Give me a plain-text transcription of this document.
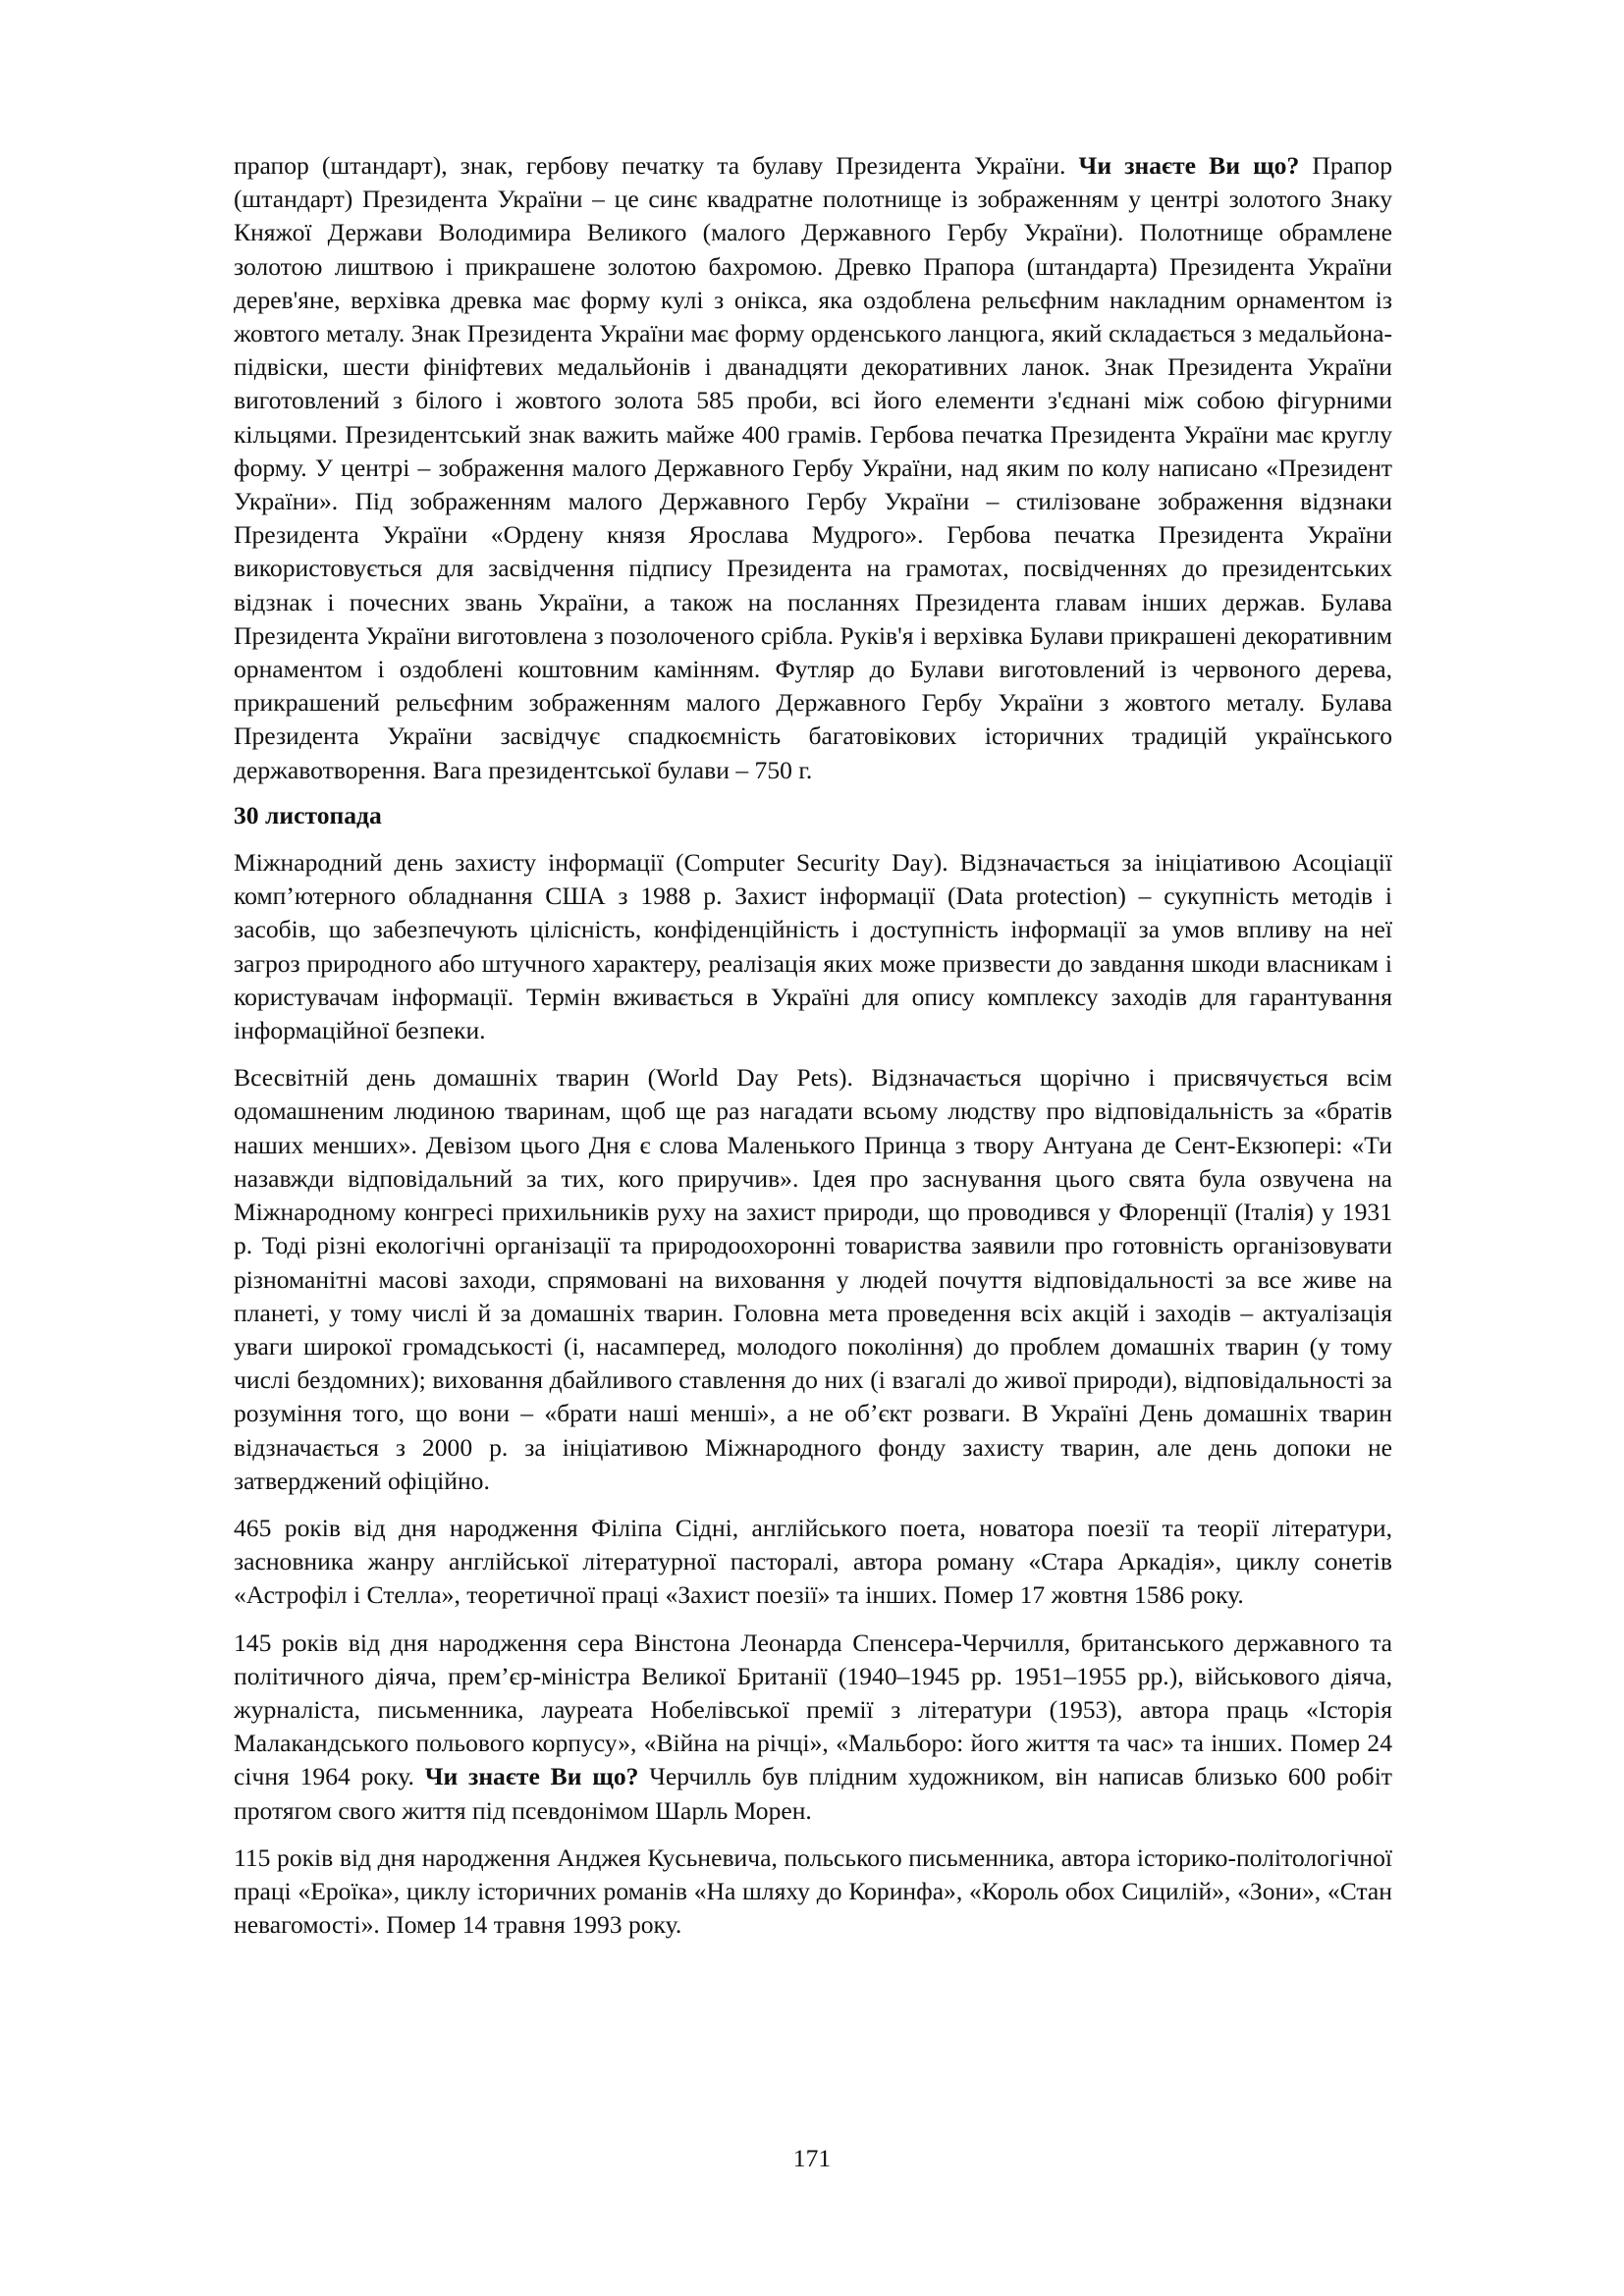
прапор (штандарт), знак, гербову печатку та булаву Президента України. Чи знаєте Ви що? Прапор (штандарт) Президента України – це синє квадратне полотнище із зображенням у центрі золотого Знаку Княжої Держави Володимира Великого (малого Державного Гербу України). Полотнище обрамлене золотою лиштвою і прикрашене золотою бахромою. Древко Прапора (штандарта) Президента України дерев'яне, верхівка древка має форму кулі з онікса, яка оздоблена рельєфним накладним орнаментом із жовтого металу. Знак Президента України має форму орденського ланцюга, який складається з медальйона-підвіски, шести фініфтевих медальйонів і дванадцяти декоративних ланок. Знак Президента України виготовлений з білого і жовтого золота 585 проби, всі його елементи з'єднані між собою фігурними кільцями. Президентський знак важить майже 400 грамів. Гербова печатка Президента України має круглу форму. У центрі – зображення малого Державного Гербу України, над яким по колу написано «Президент України». Під зображенням малого Державного Гербу України – стилізоване зображення відзнаки Президента України «Ордену князя Ярослава Мудрого». Гербова печатка Президента України використовується для засвідчення підпису Президента на грамотах, посвідченнях до президентських відзнак і почесних звань України, а також на посланнях Президента главам інших держав. Булава Президента України виготовлена з позолоченого срібла. Руків'я і верхівка Булави прикрашені декоративним орнаментом і оздоблені коштовним камінням. Футляр до Булави виготовлений із червоного дерева, прикрашений рельєфним зображенням малого Державного Гербу України з жовтого металу. Булава Президента України засвідчує спадкоємність багатовікових історичних традицій українського державотворення. Вага президентської булави – 750 г.

30 листопада

Міжнародний день захисту інформації (Computer Security Day). Відзначається за ініціативою Асоціації комп’ютерного обладнання США з 1988 р. Захист інформації (Data protection) – сукупність методів і засобів, що забезпечують цілісність, конфіденційність і доступність інформації за умов впливу на неї загроз природного або штучного характеру, реалізація яких може призвести до завдання шкоди власникам і користувачам інформації. Термін вживається в Україні для опису комплексу заходів для гарантування інформаційної безпеки.

Всесвітній день домашніх тварин (World Day Pets). Відзначається щорічно і присвячується всім одомашненим людиною тваринам, щоб ще раз нагадати всьому людству про відповідальність за «братів наших менших». Девізом цього Дня є слова Маленького Принца з твору Антуана де Сент-Екзюпері: «Ти назавжди відповідальний за тих, кого приручив». Ідея про заснування цього свята була озвучена на Міжнародному конгресі прихильників руху на захист природи, що проводився у Флоренції (Італія) у 1931 р. Тоді різні екологічні організації та природоохоронні товариства заявили про готовність організовувати різноманітні масові заходи, спрямовані на виховання у людей почуття відповідальності за все живе на планеті, у тому числі й за домашніх тварин. Головна мета проведення всіх акцій і заходів – актуалізація уваги широкої громадськості (і, насамперед, молодого покоління) до проблем домашніх тварин (у тому числі бездомних); виховання дбайливого ставлення до них (і взагалі до живої природи), відповідальності за розуміння того, що вони – «брати наші менші», а не об’єкт розваги. В Україні День домашніх тварин відзначається з 2000 р. за ініціативою Міжнародного фонду захисту тварин, але день допоки не затверджений офіційно.

465 років від дня народження Філіпа Сідні, англійського поета, новатора поезії та теорії літератури, засновника жанру англійської літературної пасторалі, автора роману «Стара Аркадія», циклу сонетів «Астрофіл і Стелла», теоретичної праці «Захист поезії» та інших. Помер 17 жовтня 1586 року.

145 років від дня народження сера Вінстона Леонарда Спенсера-Черчилля, британського державного та політичного діяча, прем’єр-міністра Великої Британії (1940–1945 рр. 1951–1955 рр.), військового діяча, журналіста, письменника, лауреата Нобелівської премії з літератури (1953), автора праць «Історія Малакандського польового корпусу», «Війна на річці», «Мальборо: його життя та час» та інших. Помер 24 січня 1964 року. Чи знаєте Ви що? Черчилль був плідним художником, він написав близько 600 робіт протягом свого життя під псевдонімом Шарль Морен.

115 років від дня народження Анджея Кусьневича, польського письменника, автора історико-політологічної праці «Ероїка», циклу історичних романів «На шляху до Коринфа», «Король обох Сицилій», «Зони», «Стан невагомості». Помер 14 травня 1993 року.

171
